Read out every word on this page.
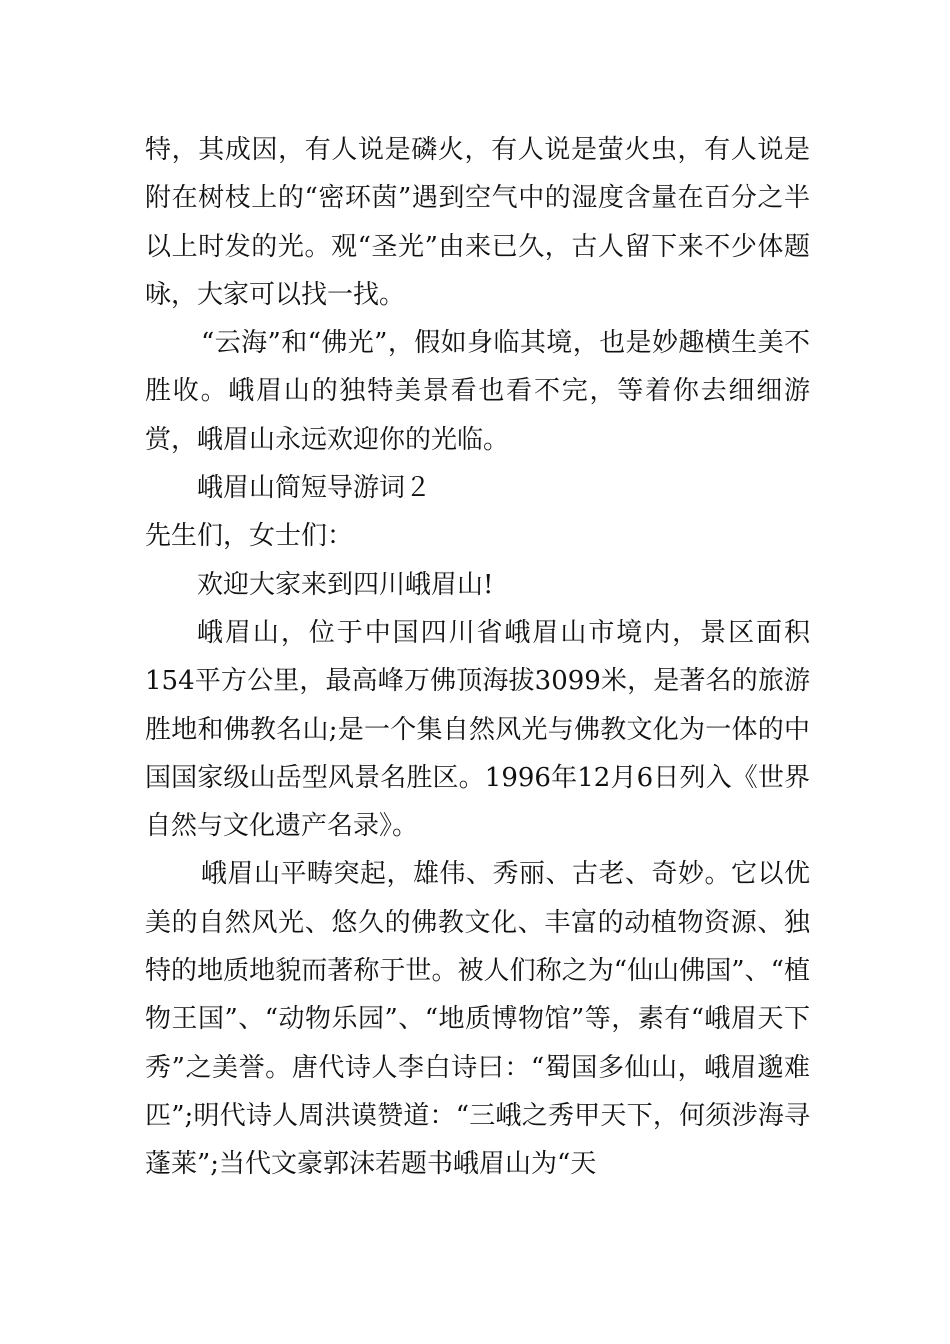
特，其成因，有人说是磷火，有人说是萤火虫，有人说是附在树枝上的“密环茵”遇到空气中的湿度含量在百分之半以上时发的光。观“圣光”由来已久，古人留下来不少体题咏，大家可以找一找。

“云海”和“佛光”，假如身临其境，也是妙趣横生美不胜收。峨眉山的独特美景看也看不完，等着你去细细游赏，峨眉山永远欢迎你的光临。

峨眉山简短导游词２

先生们，女士们：

欢迎大家来到四川峨眉山!

峨眉山，位于中国四川省峨眉山市境内，景区面积154平方公里，最高峰万佛顶海拔3099米，是著名的旅游胜地和佛教名山;是一个集自然风光与佛教文化为一体的中国国家级山岳型风景名胜区。1996年12月6日列入《世界自然与文化遗产名录》。

峨眉山平畴突起，雄伟、秀丽、古老、奇妙。它以优美的自然风光、悠久的佛教文化、丰富的动植物资源、独特的地质地貌而著称于世。被人们称之为“仙山佛国”、“植物王国”、“动物乐园”、“地质博物馆”等，素有“峨眉天下秀”之美誉。唐代诗人李白诗曰：“蜀国多仙山，峨眉邈难匹”;明代诗人周洪谟赞道：“三峨之秀甲天下，何须涉海寻蓬莱”;当代文豪郭沫若题书峨眉山为“天
